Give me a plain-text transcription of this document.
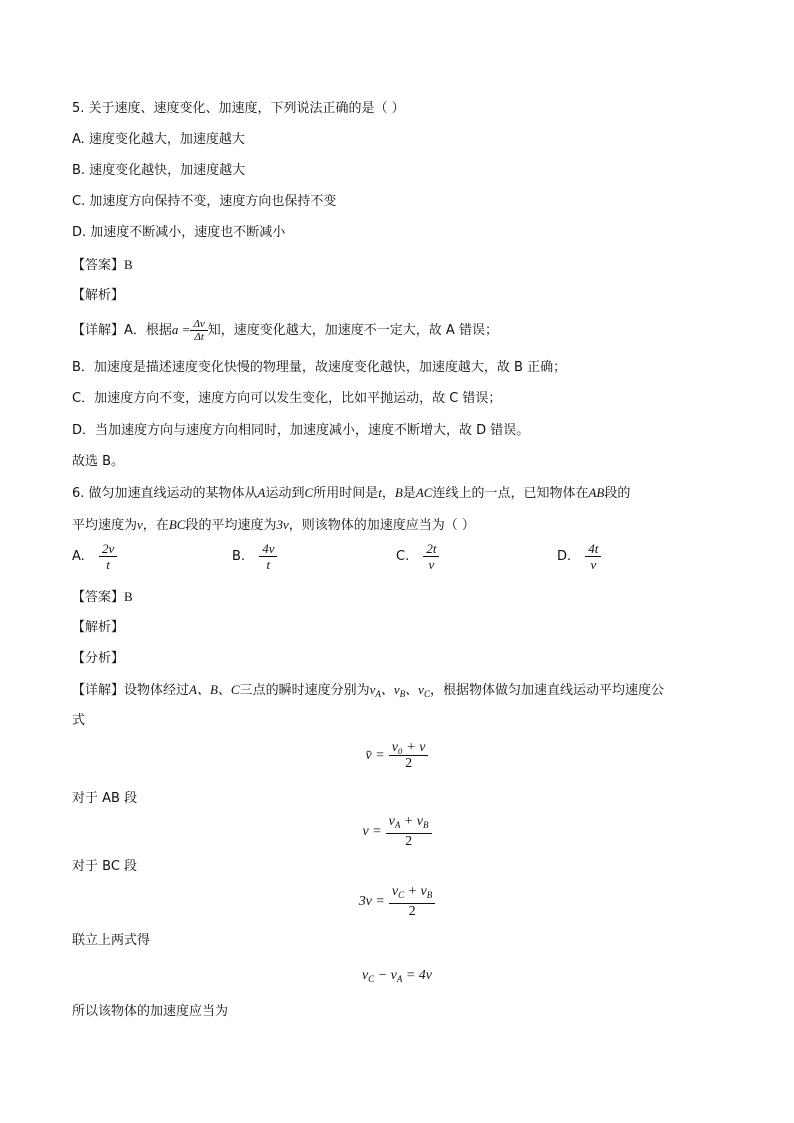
5. 关于速度、速度变化、加速度，下列说法正确的是（ ）
A. 速度变化越大，加速度越大
B. 速度变化越快，加速度越大
C. 加速度方向保持不变，速度方向也保持不变
D. 加速度不断减小，速度也不断减小
【答案】B
【解析】
【详解】A．根据$a = \frac{\Delta v}{\Delta t}$ 知，速度变化越大，加速度不一定大，故 A 错误；
B．加速度是描述速度变化快慢的物理量，故速度变化越快，加速度越大，故 B 正确；
C．加速度方向不变，速度方向可以发生变化，比如平抛运动，故 C 错误；
D．当加速度方向与速度方向相同时，加速度减小，速度不断增大，故 D 错误。
故选 B。
6. 做匀加速直线运动的某物体从A运动到C所用时间是t，B是AC连线上的一点，已知物体在AB段的
平均速度为v，在BC段的平均速度为3v，则该物体的加速度应当为（ ）
A. $\frac{2v}{t}$	B. $\frac{4v}{t}$	C. $\frac{2t}{v}$	D. $\frac{4t}{v}$
【答案】B
【解析】
【分析】
【详解】设物体经过A、B、C三点的瞬时速度分别为$v_A$、$v_B$、$v_C$，根据物体做匀加速直线运动平均速度公
式
v̄ = $\frac{\text{v₀ + v}}{2}$
对于 AB 段
$v = \frac{v_A + v_B}{2}$
对于 BC 段
$3v = \frac{v_C + v_B}{2}$
联立上两式得
$v_C - v_A = 4v$
所以该物体的加速度应当为
